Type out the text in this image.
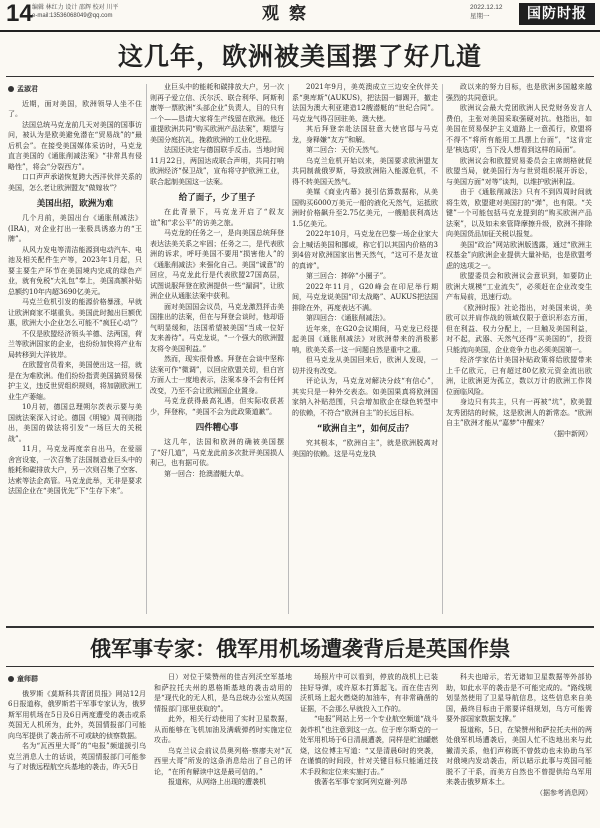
14 编辑 林红力 设计 邵辉 校对 川平
e-mail:13536068049@qq.com	观察	2022.12.12
星期一	国防时报
这几年，欧洲被美国摆了好几道

孟淑君

近期，面对美国，欧洲领导人坐不住了。

法国总统马克龙前几天对美国的国事访问，被认为是欧美避免潜在“贸易战”的“最后机会”。在接受美国媒体采访时，马克龙直言美国的《通胀削减法案》“非常具有侵略性”，将会“分裂西方”。

口口声声承诺恢复跨大西洋伙伴关系的美国，怎么老让欧洲盟友“做嫁妆”？

美国出招，欧洲为难

几个月前，美国出台《通胀削减法》(IRA)，对企业打出一张极具诱惑力的“王牌”。

从风力发电等清洁能源到电动汽车、电池及相关配件生产等，2023年1月起，只要主要生产环节在美国境内完成的绿色产业，就有免税“大礼包”奉上，美国高额补贴总额约10年内超3690亿美元。

马克兰危机引发的能源价格暴涨，早就让欧洲商家不堪重负。美国此时抛出巨额优惠，欧洲大小企业怎么可能不“疯狂心动”？

不仅是欧盟经济领头羊德、法两国，荷兰等欧洲国家的企业，也纷纷加快将产业布局转移到大洋彼岸。

在欧盟官员看来，美国使出这一招，就是在为难欧洲。他们纷纷指责美国搞贸易保护主义，违反世贸组织规则，将加剧欧洲工业生产萎缩。

10月初，德国总理朔尔茨表示要与美国就法案深入讨论。德国《明镜》周刊则指出，美国的做法将引发“一场巨大的关税战”。

11月，马克龙再度亲自出马，在爱丽舍宫设宴，一次召集了法国制造业巨头中的能耗和碳排放大户，另一次则召集了空客、达索等法企高管。马克龙此举，无非是要求法国企业在“美国优先”下“生存下来”。

业巨头中的能耗和碳排放大户，另一次则再子爱立信、沃尔沃、联合利华、阿斯利康等一票欧洲“头部企业”负责人，目的只有一个——恳请大家将生产线留在欧洲。他还重提欧洲共同“购买欧洲产品法案”，期望与美国分庭抗礼，挽救欧洲的工业化进程。

法国还决定与德国联手反击。当地时间11月22日，两国达成联合声明，共同打响欧洲经济“保卫战”，宣布将守护欧洲工业，联合起制美国这一法案。

给了面子，少了里子

在此背景下，马克龙开启了“叙友谊”和“求公平”的访美之旅。

马克龙的任务之一，是向美国总统拜登表达法美关系之牢固；任务之二，是代表欧洲的诉求，呼吁美国不要用“损害他人”的《通胀削减法》来强化自己。美国“诚意”的回应，马克龙此行是代表欧盟27国高层，试图说服拜登在欧洲提供一些“漏洞”，让欧洲企业从通胀法案中获利。

面对美国国会议员，马克龙激烈抨击美国推出的法案，但在与拜登会谈时，他却语气明显缓和，法国希望被美国“当成一位好友来善待”。马克龙说，“一个强大的欧洲盟友将令美国利益。”

然而，现实很骨感。拜登在会谈中坚称法案可作“微调”，以回应欧盟关切，但白宫方面人士一度地表示，法案本身不会有任何改变，乃至不会让欧洲国企业置身。

马克龙获得最高礼遇，但实际收获甚少，拜登称，“美国不会为此政策道歉”。

四件糟心事

这几年，法国和欧洲的确被美国摆了“好几道”，马克龙此前多次批评美国损人利己，也有据可依。

第一回合：抢澳潜艇大单。

2021年9月，美英澳成立三边安全伙伴关系“奥库斯”(AUKUS)，把法国一脚踢开，撤走法国为澳大利亚建造12艘潜艇的“世纪合同”。马克龙气得召回驻美、澳大使。

其后拜登亲赴法国驻意大使官邸与马克龙，身释嫌“友方”和解。

第二回合：天价天然气。

乌克兰危机开始以来，美国要求欧洲盟友共同制裁俄罗斯，导致欧洲陷入能源危机，不得不转美国天然气。

美媒《商业内幕》援引估算数据称，从美国购买6000万美元一船的液化天然气，运抵欧洲时价格飙升至2.75亿美元，一艘船获利高达1.5亿美元。

2022年10月，马克龙在巴黎一场企业家大会上喊话美国和挪威，称它们以其国内价格的3到4倍对欧洲国家出售天然气，“这可不是友谊的真谛”。

第三回合：摔碎“小圈子”。

2022年11月，G20峰会在印尼举行期间，马克龙说美国“印太战略”、AUKUS把法国排除在外，再度表达不满。

第四回合：《通胀削减法》。

近年来，在G20会议期间，马克龙已经提起美国《通胀削减法》对欧洲带来的消极影响，欧美关系一这一问题自然是重中之重。

但马克龙从美国回来后，欧洲人发现，一切并没有改变。

评论认为，马克龙对解决分歧“有信心”，其实只是一种外交表态。如美国果真将欧洲国家纳入补贴范围，只会增加欧企在绿色转型中的依赖，不符合“欧洲自主”的长远目标。

“欧洲自主”，如何反击？

究其根本，“欧洲自主”，就是欧洲脱离对美国的依赖。这是马克龙执

政以来的努力目标，也是欧洲多国越来越强烈的共同意识。

欧洲议会最大党团欧洲人民党财务发言人费伯，主张对美国采取强硬对抗。他指出，如美国在贸易保护主义道路上一意孤行，欧盟将不得不“将所有能用工具摆上台面”，“这肯定是‘核选项’，当下没人想看到这样的局面”。

欧洲议会和欧盟贸易委员会主席朗格就促欧盟当局，就美国行为与世贸组织展开诉讼，与美国方面“对等”谈判，以维护欧洲利益。

由于《通胀削减法》只有不到四周时间就将生效，欧盟建对美国打的“弹”，也有限。“关键”一个可能包括马克龙提到的“购买欧洲产品法案”，以及如未来管降摩擦升级，欧洲不排除向美国货品加征关税以报复。

美国“政治”网站欧洲版透露，通过“欧洲主权基金”向欧洲企业提供大量补贴，也是欧盟考虑的选项之一。

欧盟委员会和欧洲议会意识到，如要防止欧洲大规模“工业流失”，必须赶在企业改变生产布局前，迅速行动。

《欧洲时报》社论指出，对美国来说，美欧可以并肩作战的领域仅限于意识形态方面，但在利益、权力分配上，一旦触及美国利益，对不起，武器、天然气还得“买美国的”，投资只能流向美国，企业竞争力也必须美国第一。

经济学家估计美国补贴政策将给欧盟带来上千亿欧元，已有超过80亿欧元资金流出欧洲，让欧洲更为孤立，数以万计的欧洲工作岗位面临风险。

身边只有共主，只有一再被“坑”，欧美盟友秀团结的时候，这是欧洲人的新常态。“欧洲自主”欧洲才能从“嘉梦”中醒来？

（据中新网）

俄军事专家：俄军用机场遭袭背后是英国作祟

童师群

俄罗斯《莫斯科共青团员报》网站12月6日报道称，俄罗斯若干军事专家认为，俄罗斯军用机场在5日及6日两度遭受的袭击或系英国无人机所为，此外，英国情报部门可能向乌军提供了袭击所不可或缺的侦察数据。

名为“瓦西里大哥”的“电报”频道援引乌克兰消息人士的话说，英国情报部门可能参与了对俄远程航空兵基地的袭击，昨天5日

日）对位于梁赞州的佳吉列沃空军基地和萨拉托夫州的恩格斯基地的袭击动用的是“现代化的无人机，是乌总统办公室从英国情报部门那里获取的”。

此外，相关行动使用了实时卫星数据，从而能够在飞机加油及满载弹药时实施定位攻击。

乌克兰议会前议员奥列格·察廖夫对“瓦西里大哥”所发的这条消息给出了自己的评论，“在所有解读中这是最可信的。”

报道称，从网络上出现的遭袭机

场照片中可以看到，停放的战机上已装挂好导弹，或许原本打算起飞。而在佳吉列沃机场上起火燃烧的加油车，有非常确凿的证据，不会那么早就投入工作的。

“电报”网站上另一个专业航空频道“战斗轰炸机”也注意到这一点。位于库尔斯克的一处军用机场于6日清晨遭袭，同样是贮油罐燃烧，这位博主写道：“又是清晨6时的突袭，在谨慎的时间段，针对关键目标只能通过技术手段和定位来实施打击。”

俄著名军事专家阿列克谢·列昂

科夫也暗示，若无诸如卫星数据等外部协助，如此水平的袭击是不可能完成的。“路线规划显然使用了卫星导航信息，这些信息来自美国，最终目标由于需要详细规划，乌方可能需要外部国家数据支撑。”

报道称，5日，在梁赞州和萨拉托夫州的两处俄军机场遭袭后，美国人忙不迭地出来与此撇清关系，他们声称既不曾鼓动也未协助乌军对俄境内发动袭击，所以暗示此事与英国可能脱不了干系，而美方自然也不曾提供给乌军用来袭击俄罗斯本土。

（据参考消息网）
